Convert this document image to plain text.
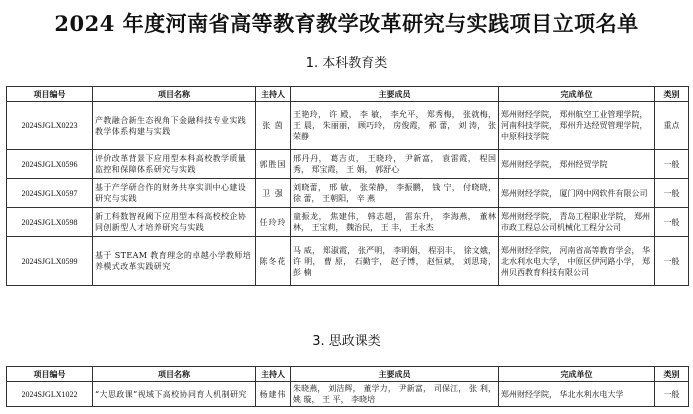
2024 年度河南省高等教育教学改革研究与实践项目立项名单
1. 本科教育类
项目编号	项目名称	主持人	主要成员	完成单位	类别
2024SJGLX0223	产教融合新生态视角下金融科技专业实践教学体系构建与实践	张 茵	王艳玲， 许 殿， 李 敏， 李允平， 郑秀梅， 张就梅， 王 晨， 朱丽丽， 顾巧玲， 房俊霞， 郝 蕾， 刘 涛， 张荣静	郑州财经学院， 郑州航空工业管理学院， 河南科技学院， 郑州升达经贸管理学院， 中原科技学院	重点
2024SJGLX0596	评价改革背景下应用型本科高校教学质量监控和保障体系研究与实践	郭胜国	邢丹丹， 葛吉贞， 王晓玲， 尹新富， 袁雷霞， 程国秀， 郑宝霞， 王 娟， 郭舒心	郑州财经学院， 郑州经贸学院	一般
2024SJGLX0597	基于产学研合作的财务共享实训中心建设研究与实践	卫 强	刘晓蕾， 邢 敏， 张荣静， 李振鹏， 钱 宁， 付晓晓， 徐 蕾， 王朝阳， 辛 燕	郑州财经学院， 厦门网中网软件有限公司	一般
2024SJGLX0598	新工科数智视阈下应用型本科高校校企协同创新型人才培养研究与实践	任玲玲	童振龙， 焦建伟， 韩志超， 雷东升， 李海燕， 董林林， 王宝莉， 魏治民， 王 丰， 王永杰	郑州财经学院， 青岛工程职业学院， 郑州市政工程总公司机械化工程分公司	一般
2024SJGLX0599	基于 STEAM 教育理念的卓越小学教师培养模式改革实践研究	陈冬花	马 威， 郑淑霞， 张严明， 李明娟， 程羽丰， 徐文娥， 许 明， 曹 原， 石勤宇， 赵子博， 赵恒斌， 刘思琦， 彭 楠	郑州财经学院， 河南省高等教育学会， 华北水利水电大学， 中原区伊河路小学， 郑州贝西教育科技有限公司	一般
3. 思政课类
项目编号	项目名称	主持人	主要成员	完成单位	类别
2024SJGLX1022	“大思政课”视域下高校协同育人机制研究	杨建伟	朱晓燕， 刘洁辉， 董学力， 尹新富， 司保江， 张 利， 姚 璇， 王 平， 李晓培	郑州财经学院， 华北水利水电大学	一般
